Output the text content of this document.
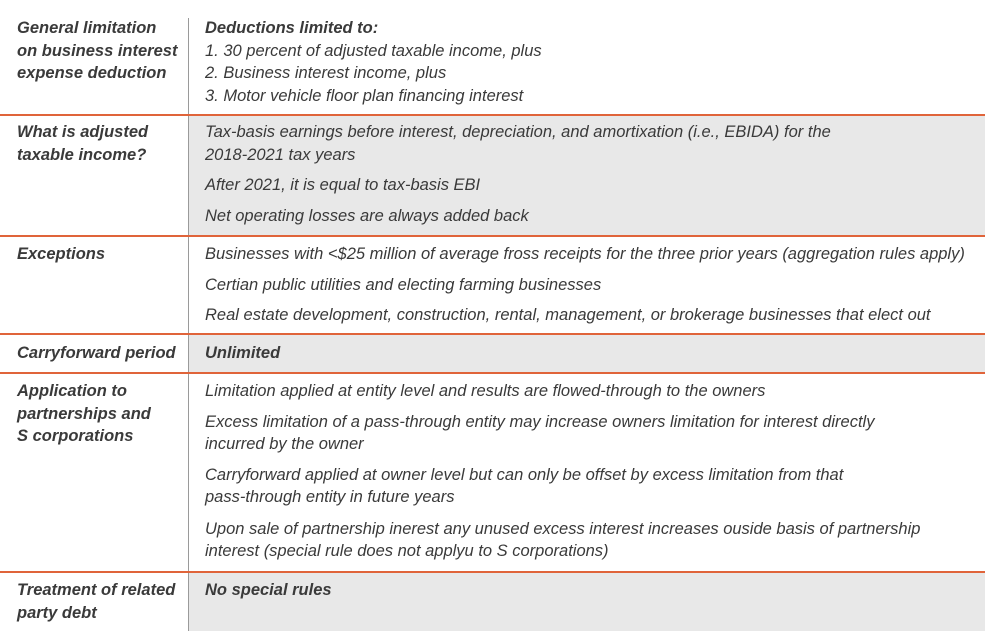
General limitation
on business interest
expense deduction
Deductions limited to:
1. 30 percent of adjusted taxable income, plus
2. Business interest income, plus
3. Motor vehicle floor plan financing interest
What is adjusted
taxable income?
Tax-basis earnings before interest, depreciation, and amortixation (i.e., EBIDA) for the
2018-2021 tax years
After 2021, it is equal to tax-basis EBI
Net operating losses are always added back
Exceptions	Businesses with <$25 million of average fross receipts for the three prior years (aggregation rules apply)
Certian public utilities and electing farming businesses
Real estate development, construction, rental, management, or brokerage businesses that elect out
Carryforward period	Unlimited
Application to
partnerships and
S corporations
Limitation applied at entity level and results are flowed-through to the owners
Excess limitation of a pass-through entity may increase owners limitation for interest directly
incurred by the owner
Carryforward applied at owner level but can only be offset by excess limitation from that
pass-through entity in future years
Upon sale of partnership inerest any unused excess interest increases ouside basis of partnership
interest (special rule does not applyu to S corporations)
Treatment of related
party debt
No special rules
